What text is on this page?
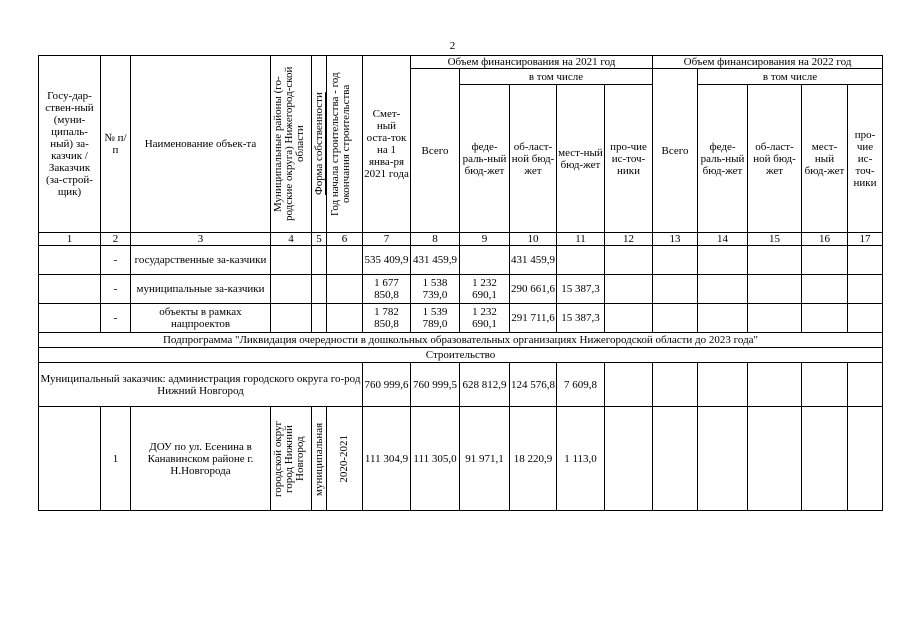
2
Госу-дар-ствен-ный (муни-ципаль-ный) за-казчик / Заказчик (за-строй-щик)	№ п/п	Наименование объек-та	Муниципальные районы (го-родские округа) Нижегород-ской области	Форма собственности	Год начала строительства - год окончания строительства	Смет-ный оста-ток на 1 янва-ря 2021 года	Объем финансирования на 2021 год					Объем финансирования на 2022 год				
							Всего	в том числе				Всего	в том числе			
								феде-раль-ный бюд-жет	об-ласт-ной бюд-жет	мест-ный бюд-жет	про-чие ис-точ-ники		феде-раль-ный бюд-жет	об-ласт-ной бюд-жет	мест-ный бюд-жет	про-чие ис-точ-ники
1	2	3	4	5	6	7	8	9	10	11	12	13	14	15	16	17
	-	государственные за-казчики				535 409,9	431 459,9		431 459,9							
	-	муниципальные за-казчики				1 677 850,8	1 538 739,0	1 232 690,1	290 661,6	15 387,3						
	-	объекты в рамках нацпроектов				1 782 850,8	1 539 789,0	1 232 690,1	291 711,6	15 387,3						
Подпрограмма "Ликвидация очередности в дошкольных образовательных организациях Нижегородской области до 2023 года"																
Строительство																
Муниципальный заказчик: администрация городского округа го-род Нижний Новгород						760 999,6	760 999,5	628 812,9	124 576,8	7 609,8						
	1	ДОУ по ул. Есенина в Канавинском районе г. Н.Новгорода	городской округ город Нижний Новгород	муниципальная	2020-2021	111 304,9	111 305,0	91 971,1	18 220,9	1 113,0						
